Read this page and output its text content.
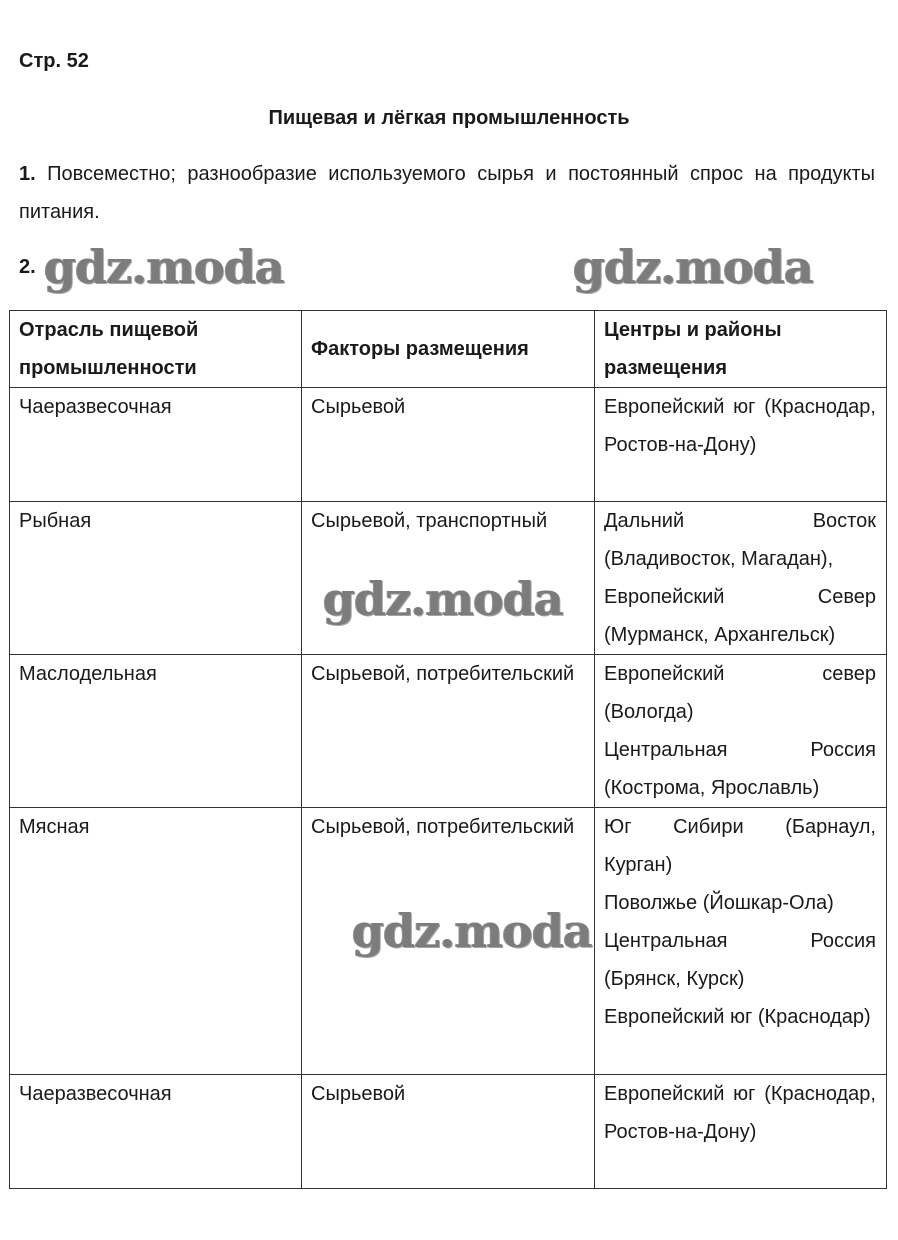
Стр. 52
Пищевая и лёгкая промышленность
1. Повсеместно; разнообразие используемого сырья и постоянный спрос на продукты питания.
2. gdz.moda	gdz.moda
gdz.moda
gdz.moda
Отрасль пищевой промышленности	Факторы размещения	Центры и районы размещения
Чаеразвесочная	Сырьевой	Европейский юг (Краснодар, Ростов-на-Дону)

Рыбная	Сырьевой, транспортный	Дальний Восток (Владивосток, Магадан),
Европейский Север (Мурманск, Архангельск)

Маслодельная	Сырьевой, потребительский	Европейский север (Вологда)
Центральная Россия (Кострома, Ярославль)

Мясная	Сырьевой, потребительский	Юг Сибири (Барнаул, Курган)
Поволжье (Йошкар-Ола)
Центральная Россия (Брянск, Курск)
Европейский юг (Краснодар)

Чаеразвесочная	Сырьевой	Европейский юг (Краснодар, Ростов-на-Дону)
